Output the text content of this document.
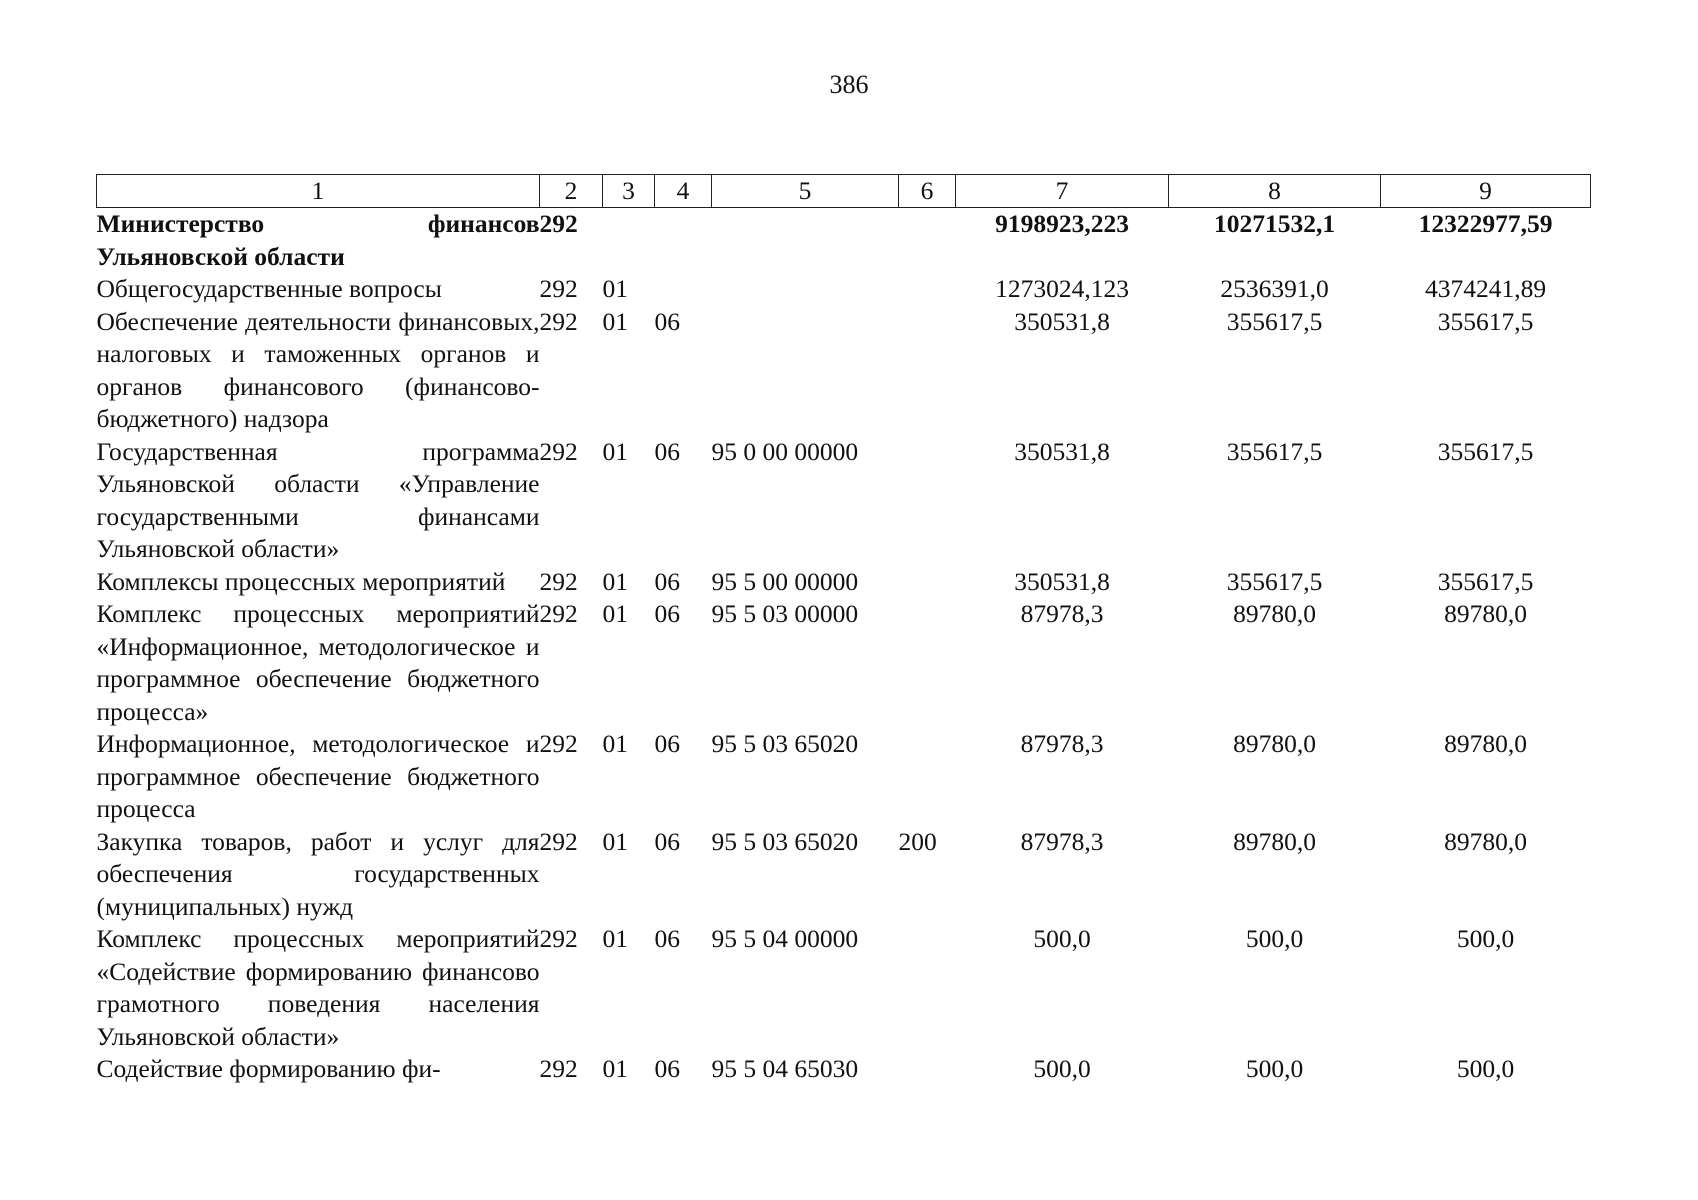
386
1	2	3	4	5	6	7	8	9
Министерство финансов Ульяновской области	292					9198923,223	10271532,1	12322977,59
Общегосударственные вопросы	292	01				1273024,123	2536391,0	4374241,89
Обеспечение деятельности финансовых, налоговых и таможенных органов и органов финансового (финансово-бюджетного) надзора	292	01	06			350531,8	355617,5	355617,5
Государственная программа Ульяновской области «Управление государственными финансами Ульяновской области»	292	01	06	95 0 00 00000		350531,8	355617,5	355617,5
Комплексы процессных мероприятий	292	01	06	95 5 00 00000		350531,8	355617,5	355617,5
Комплекс процессных мероприятий «Информационное, методологическое и программное обеспечение бюджетного процесса»	292	01	06	95 5 03 00000		87978,3	89780,0	89780,0
Информационное, методологическое и программное обеспечение бюджетного процесса	292	01	06	95 5 03 65020		87978,3	89780,0	89780,0
Закупка товаров, работ и услуг для обеспечения государственных (муниципальных) нужд	292	01	06	95 5 03 65020	200	87978,3	89780,0	89780,0
Комплекс процессных мероприятий «Содействие формированию финансово грамотного поведения населения Ульяновской области»	292	01	06	95 5 04 00000		500,0	500,0	500,0
Содействие формированию фи-	292	01	06	95 5 04 65030		500,0	500,0	500,0
